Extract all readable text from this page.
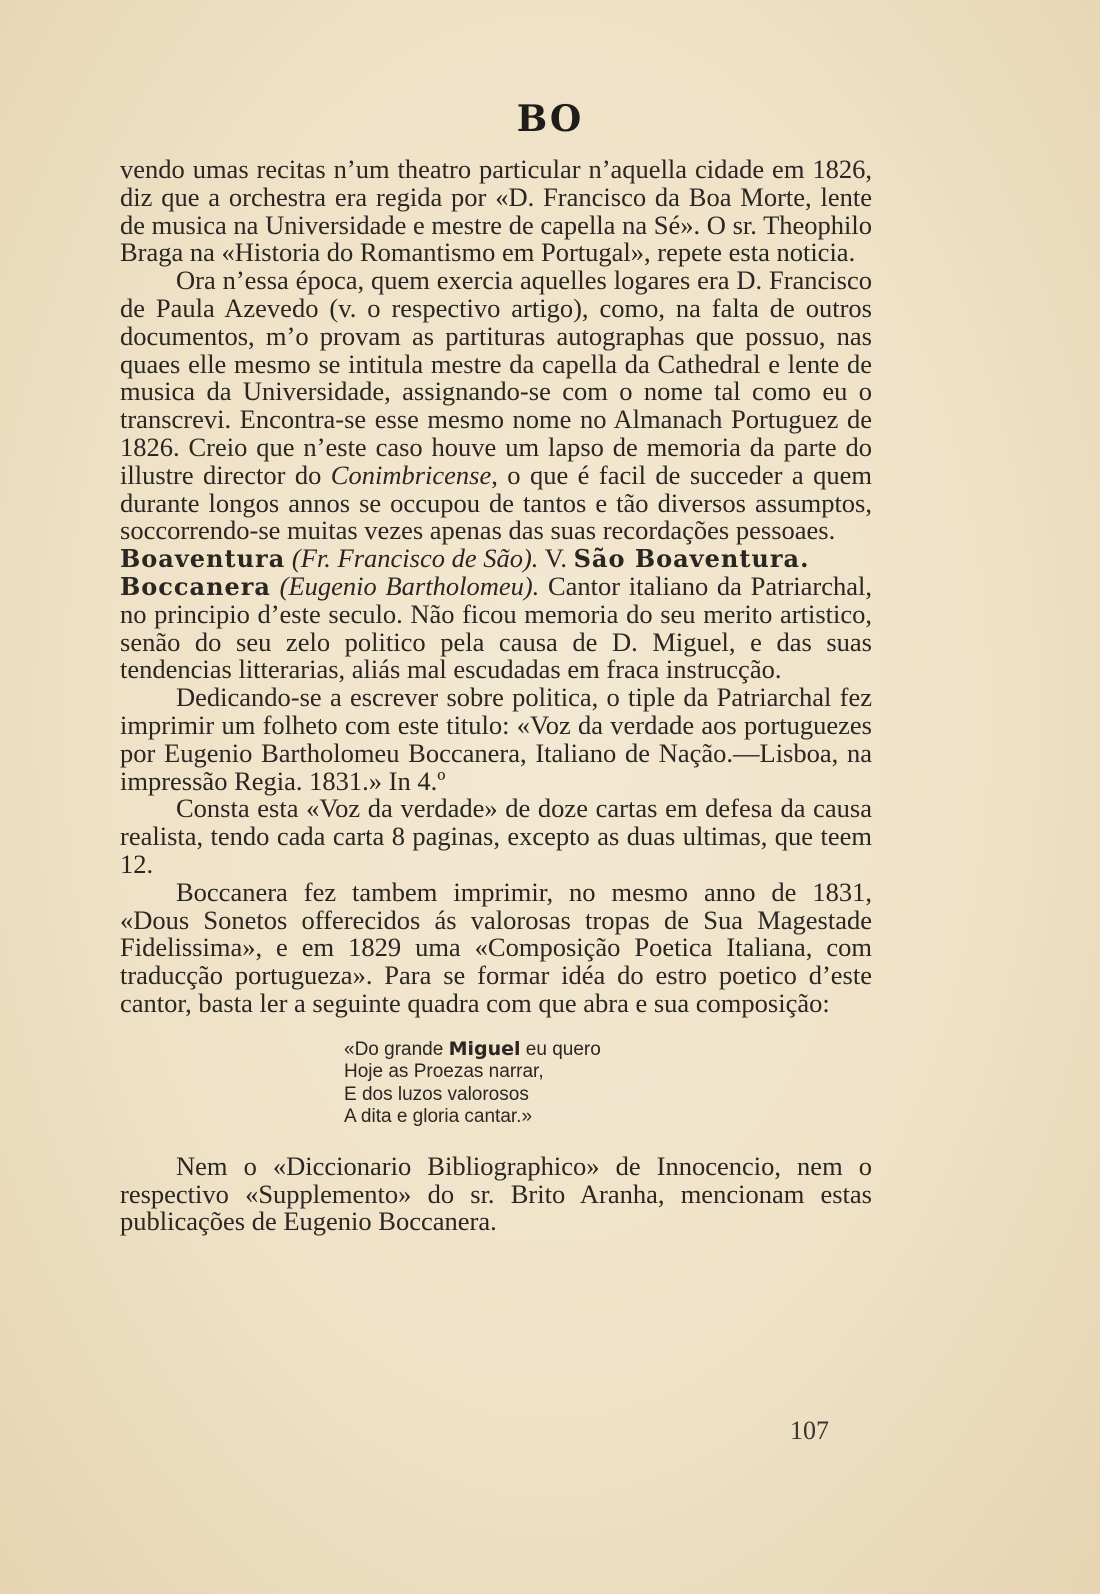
BO

vendo umas recitas n’um theatro particular n’aquella cidade em 1826, diz que a orchestra era regida por «D. Francisco da Boa Morte, lente de musica na Universidade e mestre de capella na Sé». O sr. Theophilo Braga na «Historia do Romantismo em Portugal», repete esta noticia.

Ora n’essa época, quem exercia aquelles logares era D. Francisco de Paula Azevedo (v. o respectivo artigo), como, na falta de outros documentos, m’o provam as partituras autographas que possuo, nas quaes elle mesmo se intitula mestre da capella da Cathedral e lente de musica da Universidade, assignando-se com o nome tal como eu o transcrevi. Encontra-se esse mesmo nome no Almanach Portuguez de 1826. Creio que n’este caso houve um lapso de memoria da parte do illustre director do Conimbricense, o que é facil de succeder a quem durante longos annos se occupou de tantos e tão diversos assumptos, soccorrendo-se muitas vezes apenas das suas recordações pessoaes.

Boaventura (Fr. Francisco de São). V. São Boaventura.

Boccanera (Eugenio Bartholomeu). Cantor italiano da Patriarchal, no principio d’este seculo. Não ficou memoria do seu merito artistico, senão do seu zelo politico pela causa de D. Miguel, e das suas tendencias litterarias, aliás mal escudadas em fraca instrucção.

Dedicando-se a escrever sobre politica, o tiple da Patriarchal fez imprimir um folheto com este titulo: «Voz da verdade aos portuguezes por Eugenio Bartholomeu Boccanera, Italiano de Nação.—Lisboa, na impressão Regia. 1831.» In 4.º

Consta esta «Voz da verdade» de doze cartas em defesa da causa realista, tendo cada carta 8 paginas, excepto as duas ultimas, que teem 12.

Boccanera fez tambem imprimir, no mesmo anno de 1831, «Dous Sonetos offerecidos ás valorosas tropas de Sua Magestade Fidelissima», e em 1829 uma «Composição Poetica Italiana, com traducção portugueza». Para se formar idéa do estro poetico d’este cantor, basta ler a seguinte quadra com que abra e sua composição:

«Do grande Miguel eu quero
Hoje as Proezas narrar,
E dos luzos valorosos
A dita e gloria cantar.»

Nem o «Diccionario Bibliographico» de Innocencio, nem o respectivo «Supplemento» do sr. Brito Aranha, mencionam estas publicações de Eugenio Boccanera.

107
